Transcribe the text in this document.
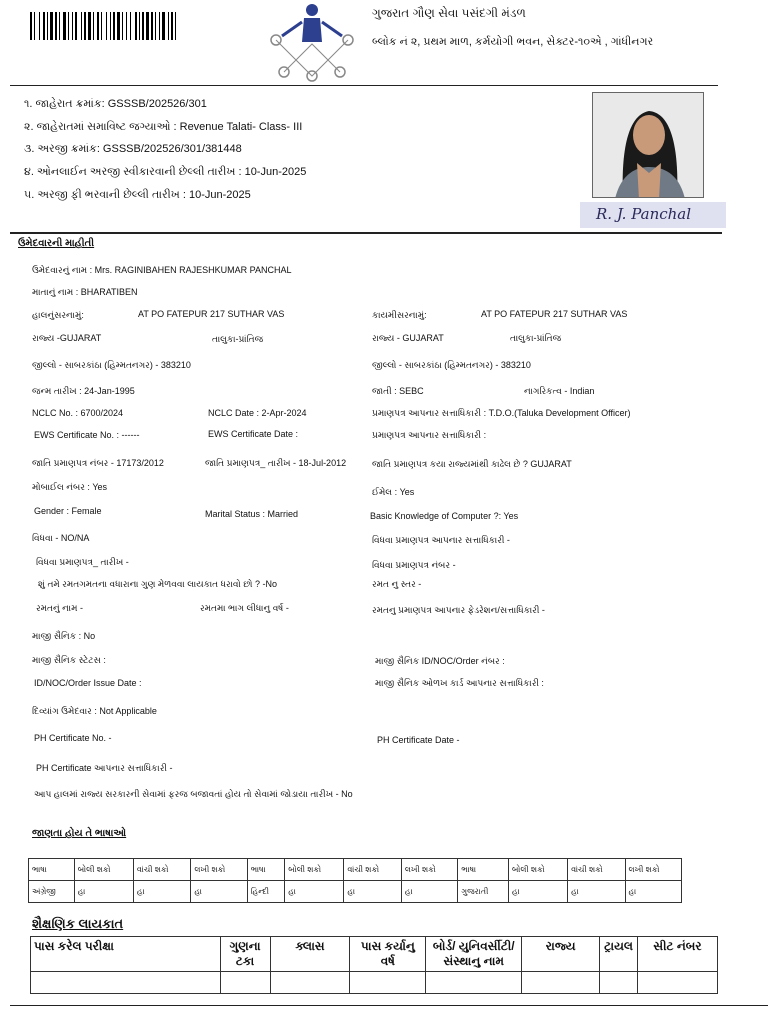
ગુજરાત ગૌણ સેવા પસંદગી મંડળ
બ્લોક નં ૨, પ્રથમ માળ, કર્મયોગી ભવન, સેક્ટર-૧૦એ , ગાંધીનગર
૧. જાહેરાત ક્રમાંક: GSSSB/202526/301
૨. જાહેરાતમાં સમાવિષ્ટ જગ્યાઓ : Revenue Talati- Class- III
૩. અરજી ક્રમાંક: GSSSB/202526/301/381448
૪. ઓનલાઈન અરજી સ્વીકારવાની છેલ્લી તારીખ : 10-Jun-2025
૫. અરજી ફી ભરવાની છેલ્લી તારીખ : 10-Jun-2025
R. J. Panchal
ઉમેદવારની માહીતી
ઉમેદવારનું નામ : Mrs. RAGINIBAHEN RAJESHKUMAR PANCHAL
માતાનું નામ : BHARATIBEN
હાલનુંસરનામું:	AT PO FATEPUR 217 SUTHAR VAS	કાયમીસરનામું:	AT PO FATEPUR 217 SUTHAR VAS
રાજ્ય -GUJARAT	તાલુકા-પ્રાંતિજ	રાજ્ય - GUJARAT	તાલુકા-પ્રાંતિજ
જીલ્લો - સાબરકાંઠા (હિમ્મતનગર) - 383210	જીલ્લો - સાબરકાંઠા (હિમ્મતનગર) - 383210
જન્મ તારીખ : 24-Jan-1995	જાતી : SEBC	નાગરિકત્વ - Indian
NCLC No. : 6700/2024	NCLC Date : 2-Apr-2024	પ્રમાણપત્ર આપનાર સત્તાધિકારી : T.D.O.(Taluka Development Officer)
EWS Certificate No. : ------	EWS Certificate Date :	પ્રમાણપત્ર આપનાર સત્તાધિકારી :
જાતિ પ્રમાણપત્ર નંબર - 17173/2012	જાતિ પ્રમાણપત્ર_ તારીખ - 18-Jul-2012	જાતિ પ્રમાણપત્ર કયા રાજ્યમાંથી કાઢેલ છે ? GUJARAT
મોબાઈલ નંબર : Yes	ઈમેલ : Yes
Gender : Female	Marital Status : Married	Basic Knowledge of Computer ?: Yes
વિધવા - NO/NA	વિધવા પ્રમાણપત્ર આપનાર સત્તાધિકારી -
વિધવા પ્રમાણપત્ર_ તારીખ -	વિધવા પ્રમાણપત્ર નંબર -
શું તમે રમતગમતના વધારાના ગુણ મેળવવા લાયકાત ધરાવો છો ? -No	રમત નુ સ્તર -
રમતનું નામ -	રમતમા ભાગ લીધાનુ વર્ષ -	રમતનુ પ્રમાણપત્ર આપનાર ફેડરેશન/સત્તાધિકારી -
માજી સૈનિક : No
માજી સૈનિક સ્ટેટસ :	માજી સૈનિક ID/NOC/Order નંબર :
ID/NOC/Order Issue Date :	માજી સૈનિક ઓળખ કાર્ડ આપનાર સત્તાધિકારી :
દિવ્યાંગ ઉમેદવાર : Not Applicable
PH Certificate No. -	PH Certificate Date -
PH Certificate આપનાર સત્તાધિકારી -
આપ હાલમાં રાજ્ય સરકારની સેવામાં ફરજ બજાવતાં હોય તો સેવામાં જોડાયા તારીખ - No
જાણતા હોય તે ભાષાઓ
ભાષા	બોલી શકો	વાંચી શકો	લખી શકો	ભાષા	બોલી શકો	વાંચી શકો	લખી શકો	ભાષા	બોલી શકો	વાંચી શકો	લખી શકો
અંગ્રેજી	હા	હા	હા	હિન્દી	હા	હા	હા	ગુજરાતી	હા	હા	હા
શૈક્ષણિક લાયકાત
પાસ કરેલ પરીક્ષા	ગુણના ટકા	ક્લાસ	પાસ કર્યાનુ વર્ષ	બોર્ડ/ યુનિવર્સીટી/ સંસ્થાનુ નામ	રાજ્ય	ટ્રાયલ	સીટ નંબર
